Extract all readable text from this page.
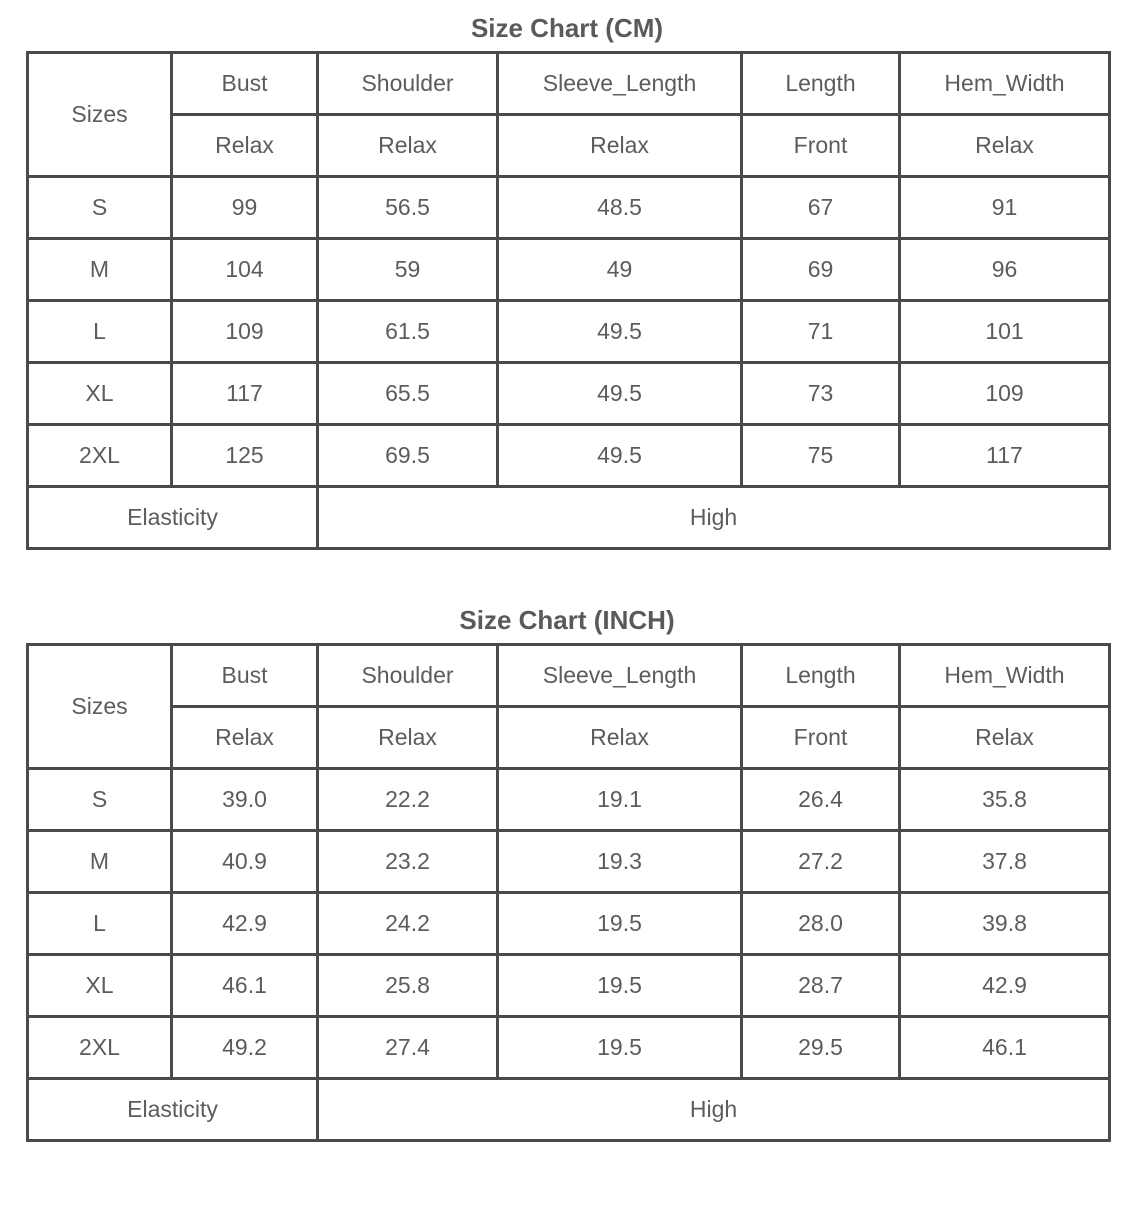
Size Chart (CM)
Sizes	Bust	Shoulder	Sleeve_Length	Length	Hem_Width
	Relax	Relax	Relax	Front	Relax
S	99	56.5	48.5	67	91
M	104	59	49	69	96
L	109	61.5	49.5	71	101
XL	117	65.5	49.5	73	109
2XL	125	69.5	49.5	75	117
Elasticity		High			
Size Chart (INCH)
Sizes	Bust	Shoulder	Sleeve_Length	Length	Hem_Width
	Relax	Relax	Relax	Front	Relax
S	39.0	22.2	19.1	26.4	35.8
M	40.9	23.2	19.3	27.2	37.8
L	42.9	24.2	19.5	28.0	39.8
XL	46.1	25.8	19.5	28.7	42.9
2XL	49.2	27.4	19.5	29.5	46.1
Elasticity		High			
